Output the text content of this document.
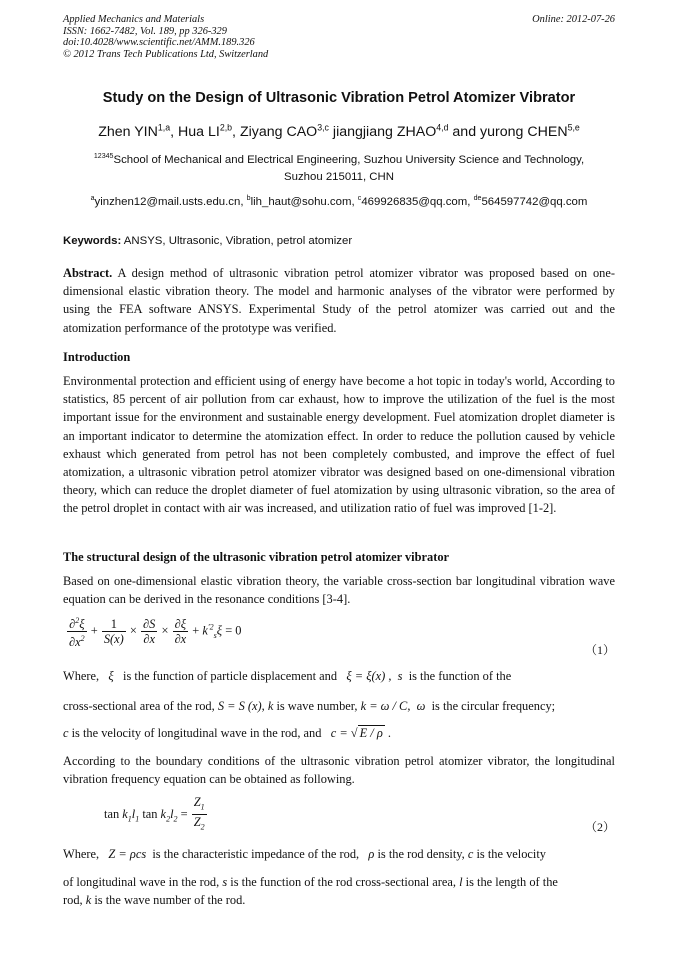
Applied Mechanics and Materials
ISSN: 1662-7482, Vol. 189, pp 326-329
doi:10.4028/www.scientific.net/AMM.189.326
© 2012 Trans Tech Publications Ltd, Switzerland
Online: 2012-07-26
Study on the Design of Ultrasonic Vibration Petrol Atomizer Vibrator
Zhen YIN$^{1,a}$, Hua LI$^{2,b}$, Ziyang CAO$^{3,c}$ jiangjiang ZHAO$^{4,d}$ and yurong CHEN$^{5,e}$
$^{12345}$School of Mechanical and Electrical Engineering, Suzhou University Science and Technology,
Suzhou 215011, CHN
$^a$yinzhen12@mail.usts.edu.cn, $^b$lih_haut@sohu.com, $^c$469926835@qq.com, $^{de}$564597742@qq.com
Keywords: ANSYS, Ultrasonic, Vibration, petrol atomizer
Abstract. A design method of ultrasonic vibration petrol atomizer vibrator was proposed based on one-dimensional elastic vibration theory. The model and harmonic analyses of the vibrator were performed by using the FEA software ANSYS. Experimental Study of the petrol atomizer was carried out and the atomization performance of the prototype was verified.
Introduction
Environmental protection and efficient using of energy have become a hot topic in today's world, According to statistics, 85 percent of air pollution from car exhaust, how to improve the utilization of the fuel is the most important issue for the environment and sustainable energy development. Fuel atomization droplet diameter is an important indicator to determine the atomization effect. In order to reduce the pollution caused by vehicle exhaust which generated from petrol has not been completely combusted, and improve the effect of fuel atomization, a ultrasonic vibration petrol atomizer vibrator was designed based on one-dimensional vibration theory, which can reduce the droplet diameter of fuel atomization by using ultrasonic vibration, so the area of the petrol droplet in contact with air was increased, and utilization ratio of fuel was improved [1-2].
The structural design of the ultrasonic vibration petrol atomizer vibrator
Based on one-dimensional elastic vibration theory, the variable cross-section bar longitudinal vibration wave equation can be derived in the resonance conditions [3-4].
$\frac{\partial^2\xi}{\partial x^2} + \frac{1}{S(x)} \times \frac{\partial S}{\partial x} \times \frac{\partial\xi}{\partial x} + k^{'2}_s\xi = 0$
（1）
Where, ξ is the function of particle displacement and ξ = ξ(x) ,  s is the function of the
cross-sectional area of the rod, S = S (x), k is wave number, k = ω / C,  ω is the circular frequency;
c is the velocity of longitudinal wave in the rod, and c = √ E / ρ .
According to the boundary conditions of the ultrasonic vibration petrol atomizer vibrator, the longitudinal vibration frequency equation can be obtained as following.
$\tan k_1l_1$ $\tan k_2l_2 = \frac{Z_1}{Z_2}$	（2）
Where, Z = ρcs is the characteristic impedance of the rod, ρ is the rod density, c is the velocity
of longitudinal wave in the rod, s is the function of the rod cross-sectional area, l is the length of the
rod, k is the wave number of the rod.
